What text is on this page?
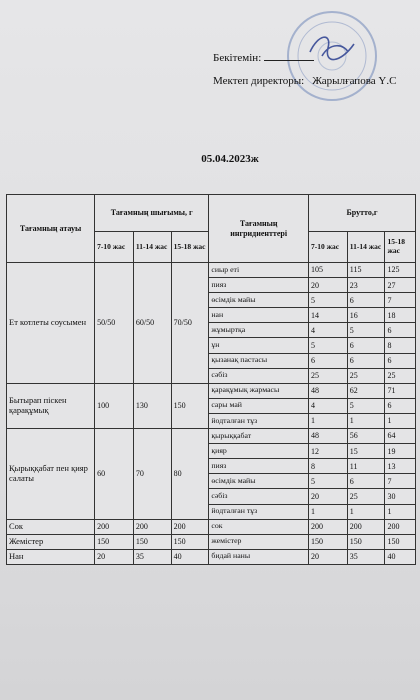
Бекітемін:
Мектеп директоры: Жарылғапова Ү.С
05.04.2023ж
Тағамның атауы	Тағамның шығымы, г			Тағамның ингридиенттері	Брутто,г		
	7-10 жас	11-14 жас	15-18 жас		7-10 жас	11-14 жас	15-18 жас
Ет котлеты соусымен	50/50	60/50	70/50	сиыр еті	105	115	125
				пияз	20	23	27
				өсімдік майы	5	6	7
				нан	14	16	18
				жұмыртқа	4	5	6
				ұн	5	6	8
				қызанақ пастасы	6	6	6
				сәбіз	25	25	25
Бытырап піскен қарақұмық	100	130	150	қарақұмық жармасы	48	62	71
				сары май	4	5	6
				йодталған тұз	1	1	1
Қырыққабат пен қияр салаты	60	70	80	қырыққабат	48	56	64
				қияр	12	15	19
				пияз	8	11	13
				өсімдік майы	5	6	7
				сәбіз	20	25	30
				йодталған тұз	1	1	1
Сок	200	200	200	сок	200	200	200
Жемістер	150	150	150	жемістер	150	150	150
Нан	20	35	40	бидай наны	20	35	40
